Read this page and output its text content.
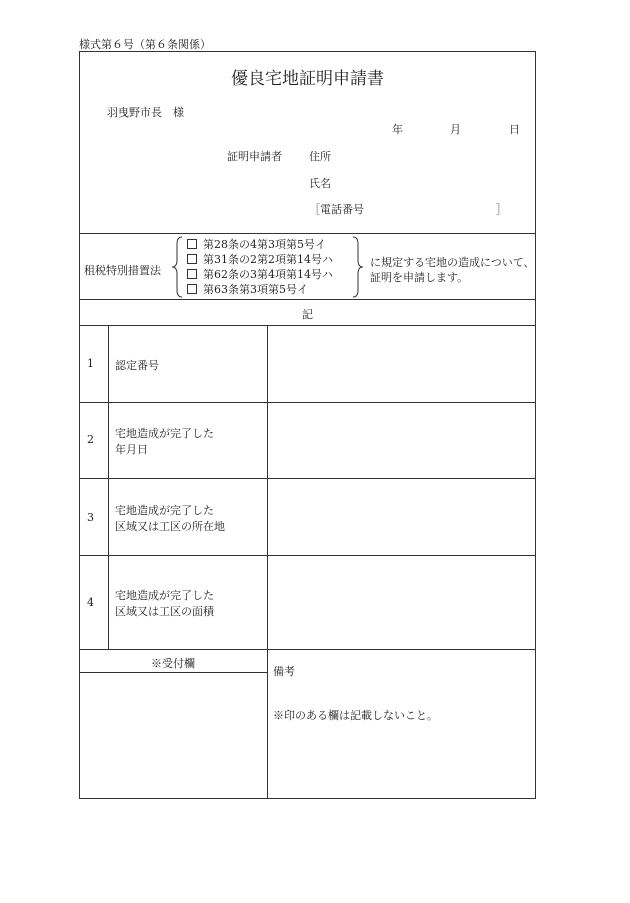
様式第６号（第６条関係）
優良宅地証明申請書
羽曳野市長　様
年	月	日
証明申請者 住所
氏名
［電話番号　　　　　　　　　　　　］
租税特別措置法
第28条の4第3項第5号イ
第31条の2第2項第14号ハ
第62条の3第4項第14号ハ
第63条第3項第5号イ
に規定する宅地の造成について、
証明を申請します。
記
1 認定番号
2 宅地造成が完了した
年月日
3
宅地造成が完了した
区域又は工区の所在地
4
宅地造成が完了した
区域又は工区の面積
※受付欄
備考
※印のある欄は記載しないこと。
